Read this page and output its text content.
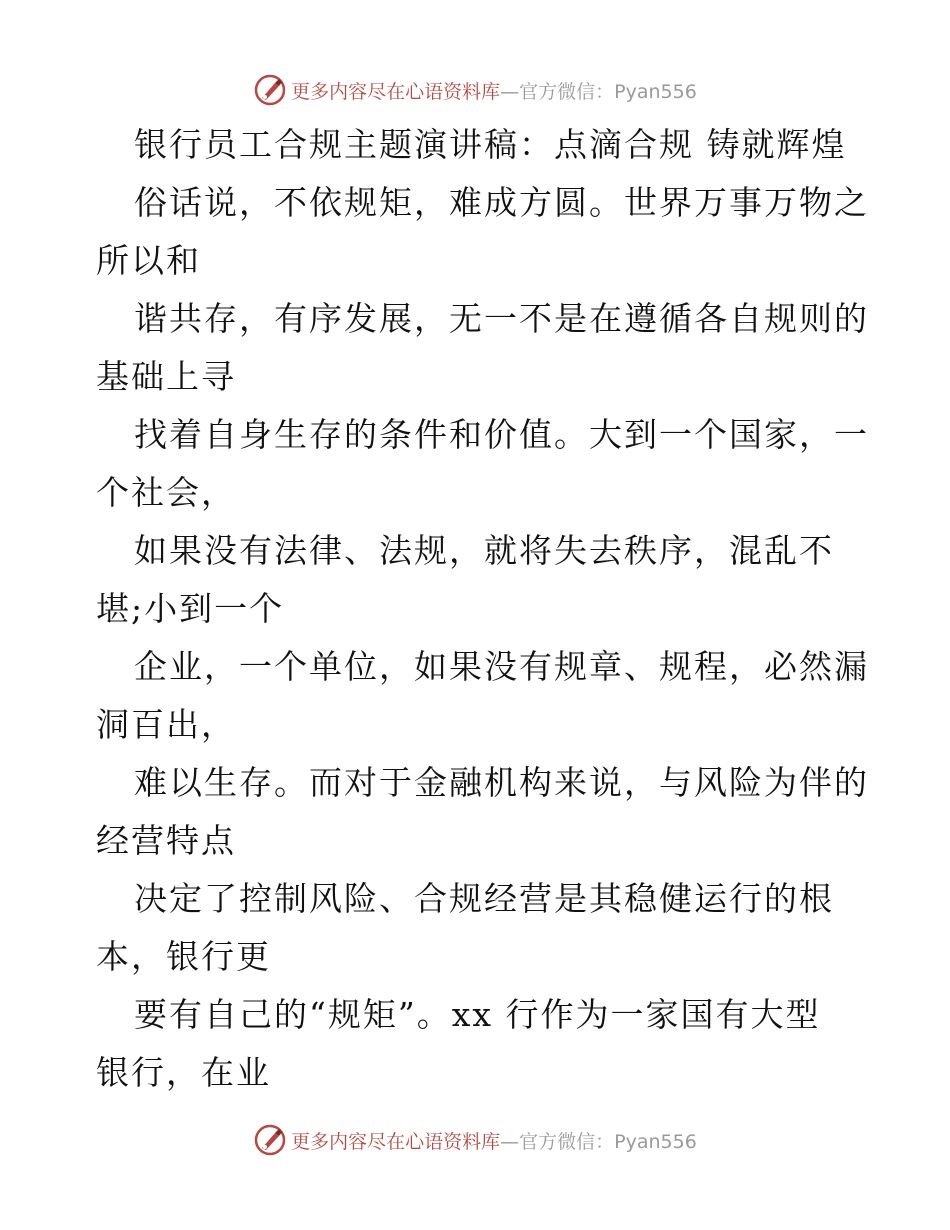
更多内容尽在心语资料库—官方微信：Pyan556
银行员工合规主题演讲稿：点滴合规 铸就辉煌
俗话说，不依规矩，难成方圆。世界万事万物之
所以和
谐共存，有序发展，无一不是在遵循各自规则的
基础上寻
找着自身生存的条件和价值。大到一个国家，一
个社会，
如果没有法律、法规，就将失去秩序，混乱不
堪;小到一个
企业，一个单位，如果没有规章、规程，必然漏
洞百出，
难以生存。而对于金融机构来说，与风险为伴的
经营特点
决定了控制风险、合规经营是其稳健运行的根
本，银行更
要有自己的“规矩”。xx 行作为一家国有大型
银行，在业
更多内容尽在心语资料库—官方微信：Pyan556
